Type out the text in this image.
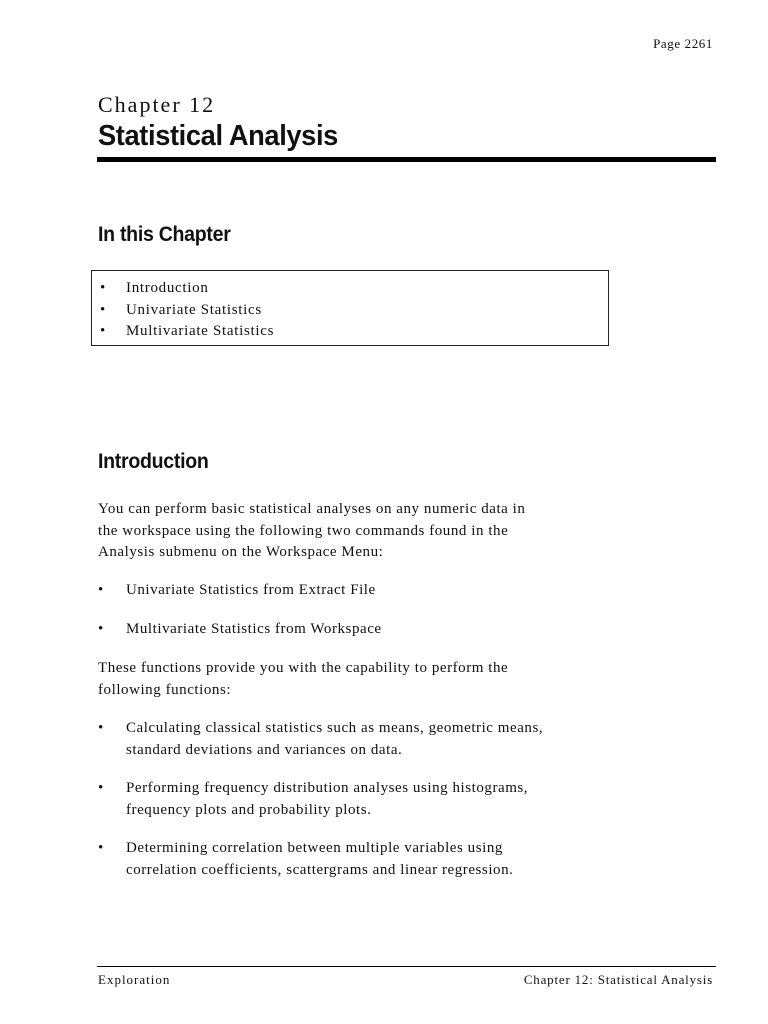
Page 2261
Chapter 12
Statistical Analysis
In this Chapter
• Introduction
• Univariate Statistics
• Multivariate Statistics
Introduction
You can perform basic statistical analyses on any numeric data in
the workspace using the following two commands found in the
Analysis submenu on the Workspace Menu:
•	Univariate Statistics from Extract File
•	Multivariate Statistics from Workspace
These functions provide you with the capability to perform the
following functions:
•	Calculating classical statistics such as means, geometric means,
standard deviations and variances on data.
•	Performing frequency distribution analyses using histograms,
frequency plots and probability plots.
•	Determining correlation between multiple variables using
correlation coefficients, scattergrams and linear regression.
Exploration	Chapter 12: Statistical Analysis
